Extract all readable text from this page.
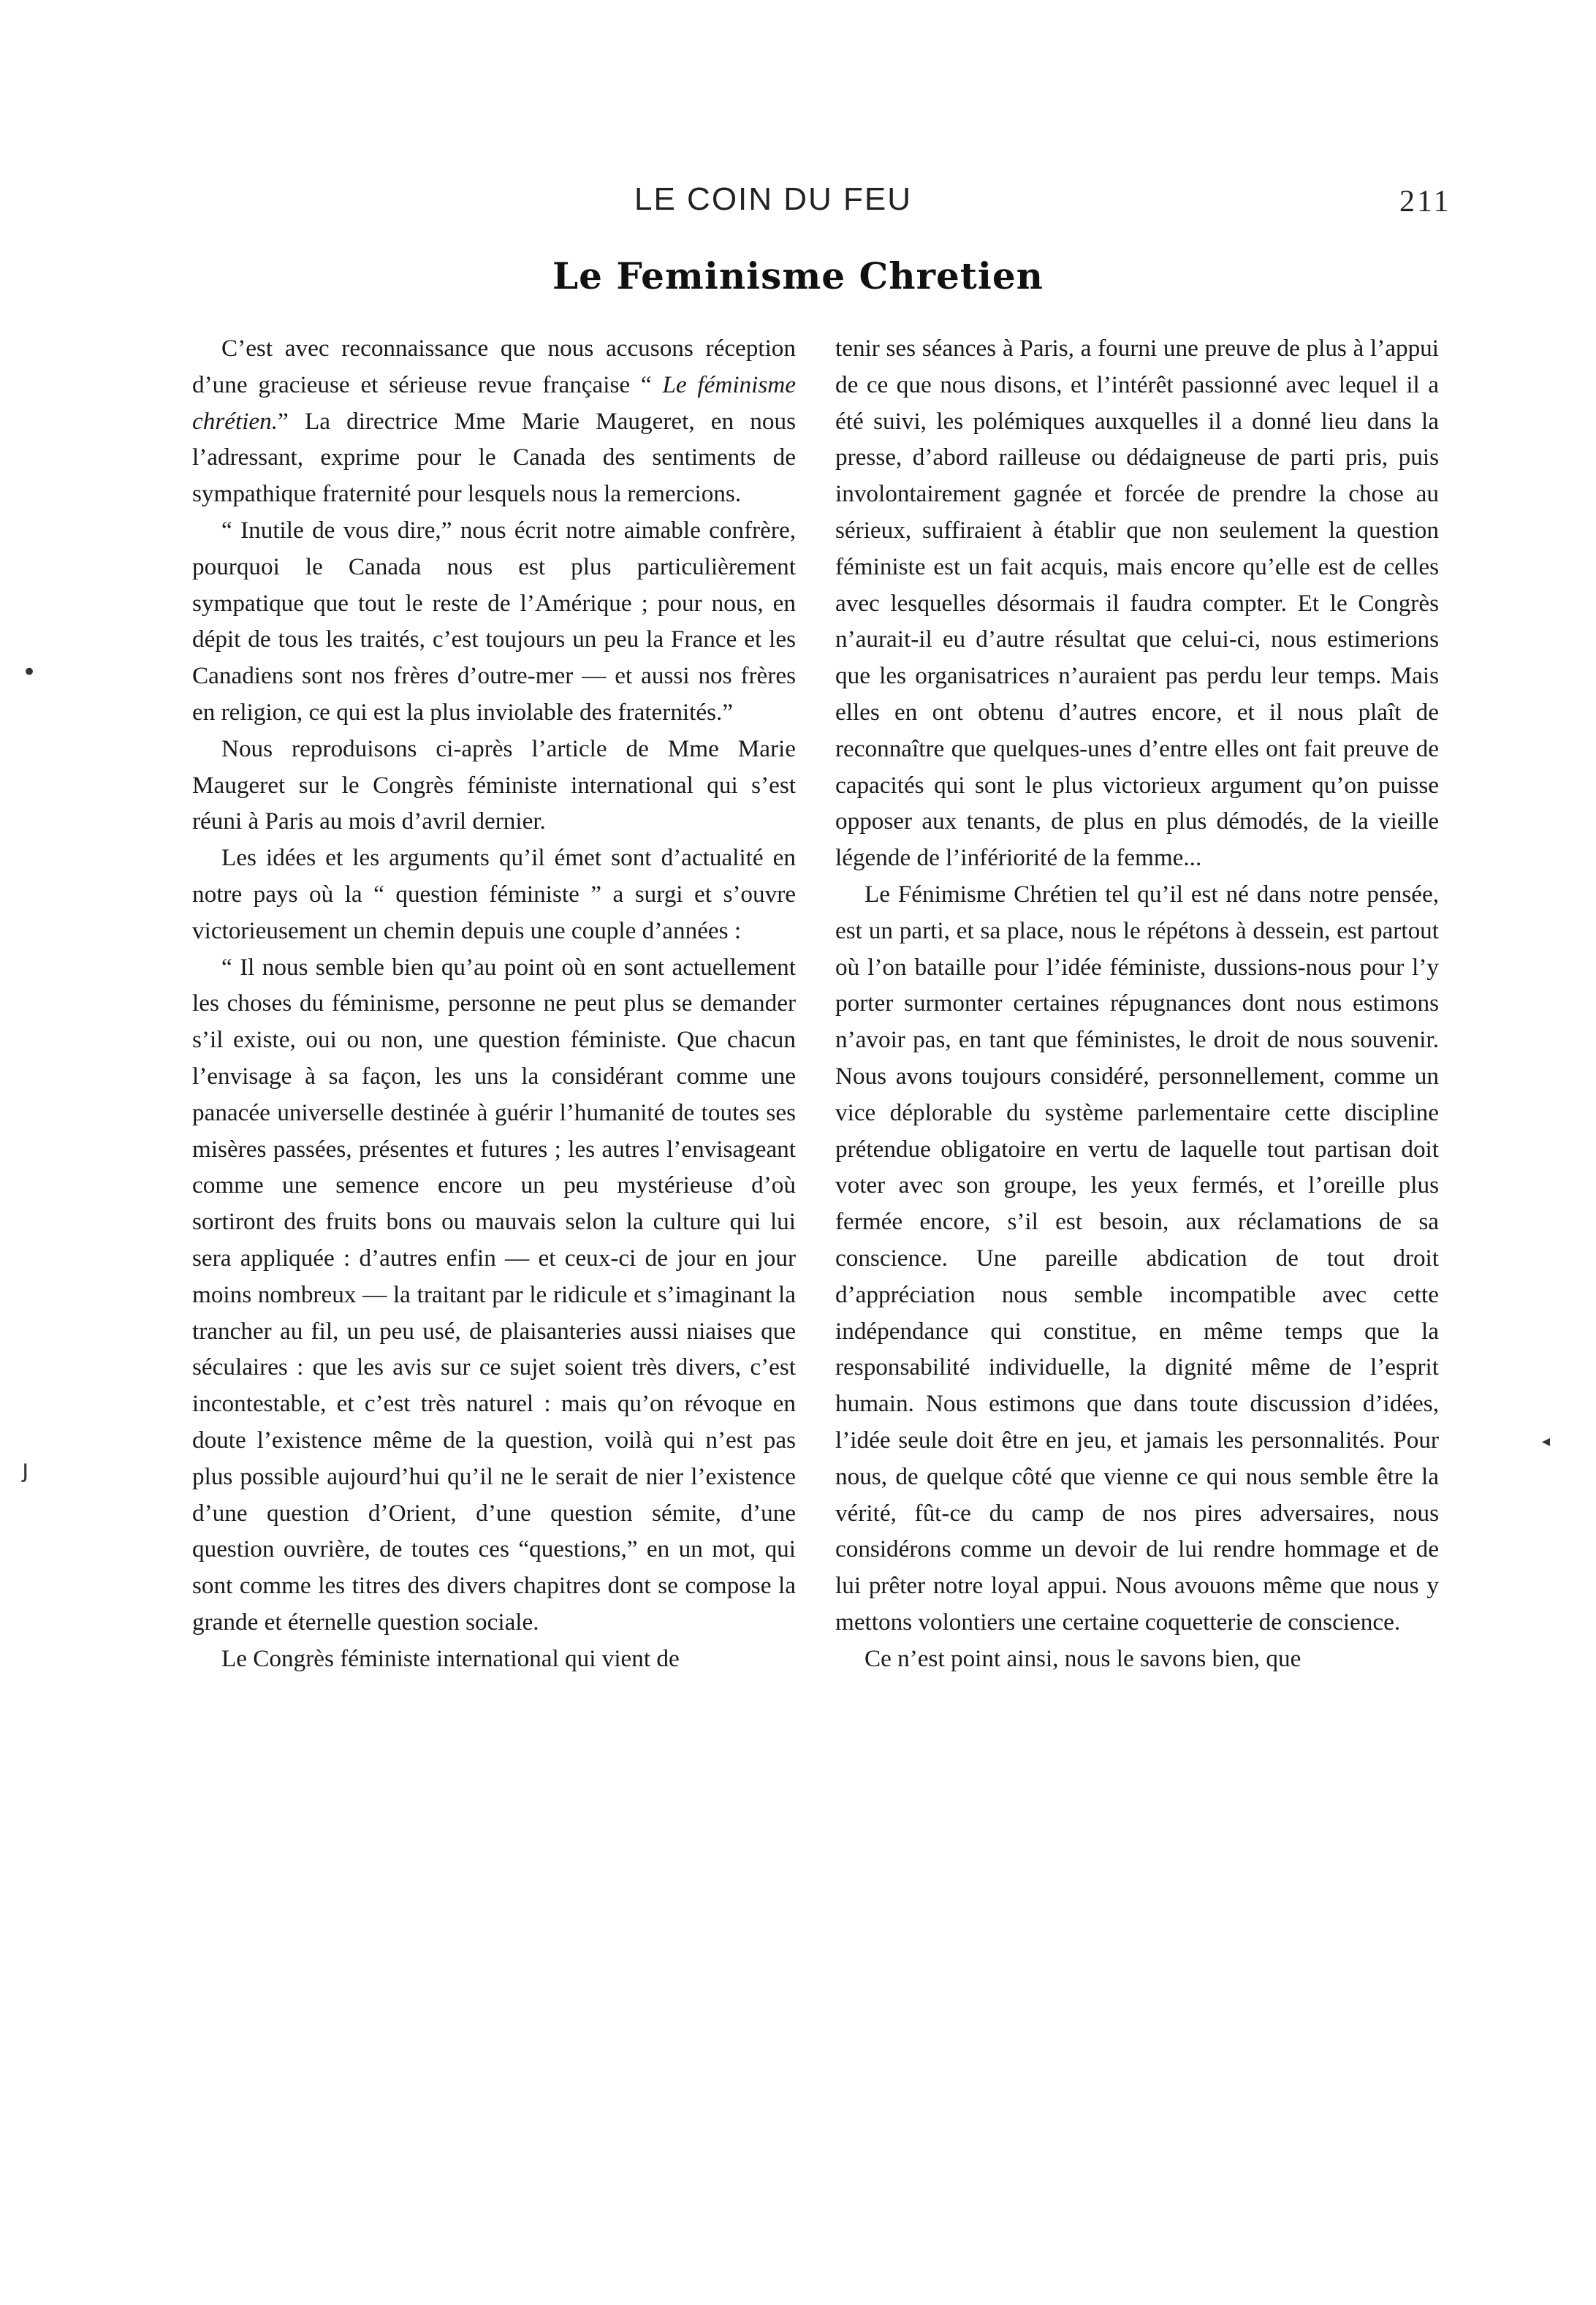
LE COIN DU FEU	211
Le Feminisme Chretien

C’est avec reconnaissance que nous accusons réception d’une gracieuse et sérieuse revue française “ Le féminisme chrétien.” La directrice Mme Marie Maugeret, en nous l’adressant, exprime pour le Canada des sentiments de sympathique fraternité pour lesquels nous la remercions.

“ Inutile de vous dire,” nous écrit notre aimable confrère, pourquoi le Canada nous est plus particulièrement sympatique que tout le reste de l’Amérique ; pour nous, en dépit de tous les traités, c’est toujours un peu la France et les Canadiens sont nos frères d’outre-mer — et aussi nos frères en religion, ce qui est la plus inviolable des fraternités.”

Nous reproduisons ci-après l’article de Mme Marie Maugeret sur le Congrès féministe international qui s’est réuni à Paris au mois d’avril dernier.

Les idées et les arguments qu’il émet sont d’actualité en notre pays où la “ question féministe ” a surgi et s’ouvre victorieusement un chemin depuis une couple d’années :

“ Il nous semble bien qu’au point où en sont actuellement les choses du féminisme, personne ne peut plus se demander s’il existe, oui ou non, une question féministe. Que chacun l’envisage à sa façon, les uns la considérant comme une panacée universelle destinée à guérir l’humanité de toutes ses misères passées, présentes et futures ; les autres l’envisageant comme une semence encore un peu mystérieuse d’où sortiront des fruits bons ou mauvais selon la culture qui lui sera appliquée : d’autres enfin — et ceux-ci de jour en jour moins nombreux — la traitant par le ridicule et s’imaginant la trancher au fil, un peu usé, de plaisanteries aussi niaises que séculaires : que les avis sur ce sujet soient très divers, c’est incontestable, et c’est très naturel : mais qu’on révoque en doute l’existence même de la question, voilà qui n’est pas plus possible aujourd’hui qu’il ne le serait de nier l’existence d’une question d’Orient, d’une question sémite, d’une question ouvrière, de toutes ces “questions,” en un mot, qui sont comme les titres des divers chapitres dont se compose la grande et éternelle question sociale.

Le Congrès féministe international qui vient de

tenir ses séances à Paris, a fourni une preuve de plus à l’appui de ce que nous disons, et l’intérêt passionné avec lequel il a été suivi, les polémiques auxquelles il a donné lieu dans la presse, d’abord railleuse ou dédaigneuse de parti pris, puis involontairement gagnée et forcée de prendre la chose au sérieux, suffiraient à établir que non seulement la question féministe est un fait acquis, mais encore qu’elle est de celles avec lesquelles désormais il faudra compter. Et le Congrès n’aurait-il eu d’autre résultat que celui-ci, nous estimerions que les organisatrices n’auraient pas perdu leur temps. Mais elles en ont obtenu d’autres encore, et il nous plaît de reconnaître que quelques-unes d’entre elles ont fait preuve de capacités qui sont le plus victorieux argument qu’on puisse opposer aux tenants, de plus en plus démodés, de la vieille légende de l’infériorité de la femme...

Le Fénimisme Chrétien tel qu’il est né dans notre pensée, est un parti, et sa place, nous le répétons à dessein, est partout où l’on bataille pour l’idée féministe, dussions-nous pour l’y porter surmonter certaines répugnances dont nous estimons n’avoir pas, en tant que féministes, le droit de nous souvenir. Nous avons toujours considéré, personnellement, comme un vice déplorable du système parlementaire cette discipline prétendue obligatoire en vertu de laquelle tout partisan doit voter avec son groupe, les yeux fermés, et l’oreille plus fermée encore, s’il est besoin, aux réclamations de sa conscience. Une pareille abdication de tout droit d’appréciation nous semble incompatible avec cette indépendance qui constitue, en même temps que la responsabilité individuelle, la dignité même de l’esprit humain. Nous estimons que dans toute discussion d’idées, l’idée seule doit être en jeu, et jamais les personnalités. Pour nous, de quelque côté que vienne ce qui nous semble être la vérité, fût-ce du camp de nos pires adversaires, nous considérons comme un devoir de lui rendre hommage et de lui prêter notre loyal appui. Nous avouons même que nous y mettons volontiers une certaine coquetterie de conscience.

Ce n’est point ainsi, nous le savons bien, que

•
ȷ
◂
